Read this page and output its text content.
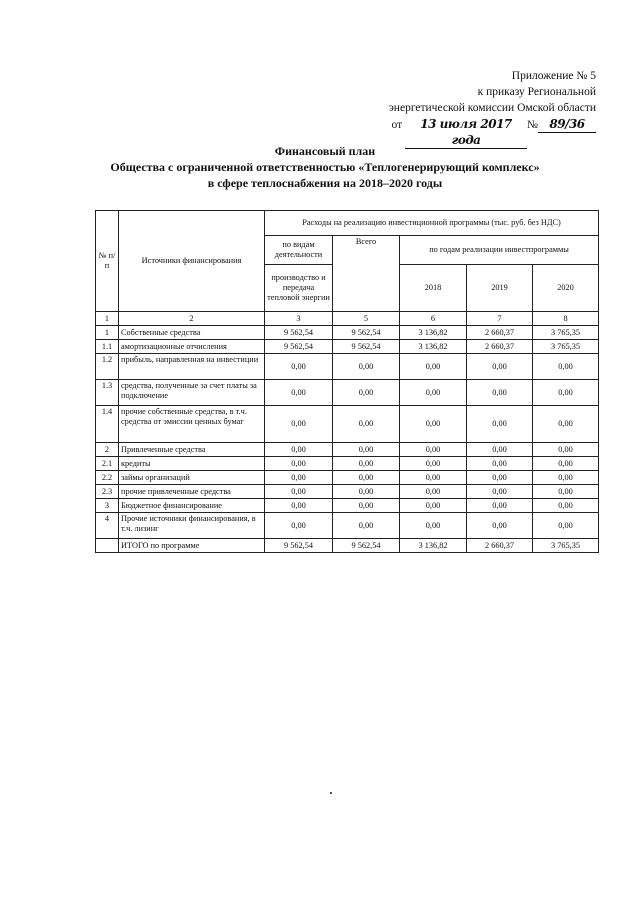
Приложение № 5
к приказу Региональной
энергетической комиссии Омской области
от
	13 июля 2017 года
№ 89/36
Финансовый план
Общества с ограниченной ответственностью «Теплогенерирующий комплекс»
в сфере теплоснабжения на 2018–2020 годы
№ п/п	Источники финансирования	Расходы на реализацию инвестиционной программы (тыс. руб. без НДС)				
		по видам деятельности	Всего	по годам реализации инвестпрограммы		
		производство и передача тепловой энергии		2018	2019	2020
1	2	3	5	6	7	8
1	Собственные средства	9 562,54	9 562,54	3 136,82	2 660,37	3 765,35
1.1	амортизационные отчисления	9 562,54	9 562,54	3 136,82	2 660,37	3 765,35
1.2	прибыль, направленная на инвестиции	0,00	0,00	0,00	0,00	0,00
1.3	средства, полученные за счет платы за подключение	0,00	0,00	0,00	0,00	0,00
1.4	прочие собственные средства, в т.ч. средства от эмиссии ценных бумаг	0,00	0,00	0,00	0,00	0,00
2	Привлеченные средства	0,00	0,00	0,00	0,00	0,00
2.1	кредиты	0,00	0,00	0,00	0,00	0,00
2.2	займы организаций	0,00	0,00	0,00	0,00	0,00
2.3	прочие привлеченные средства	0,00	0,00	0,00	0,00	0,00
3	Бюджетное финансирование	0,00	0,00	0,00	0,00	0,00
4	Прочие источники финансирования, в т.ч. лизинг	0,00	0,00	0,00	0,00	0,00
	ИТОГО по программе	9 562,54	9 562,54	3 136,82	2 660,37	3 765,35
